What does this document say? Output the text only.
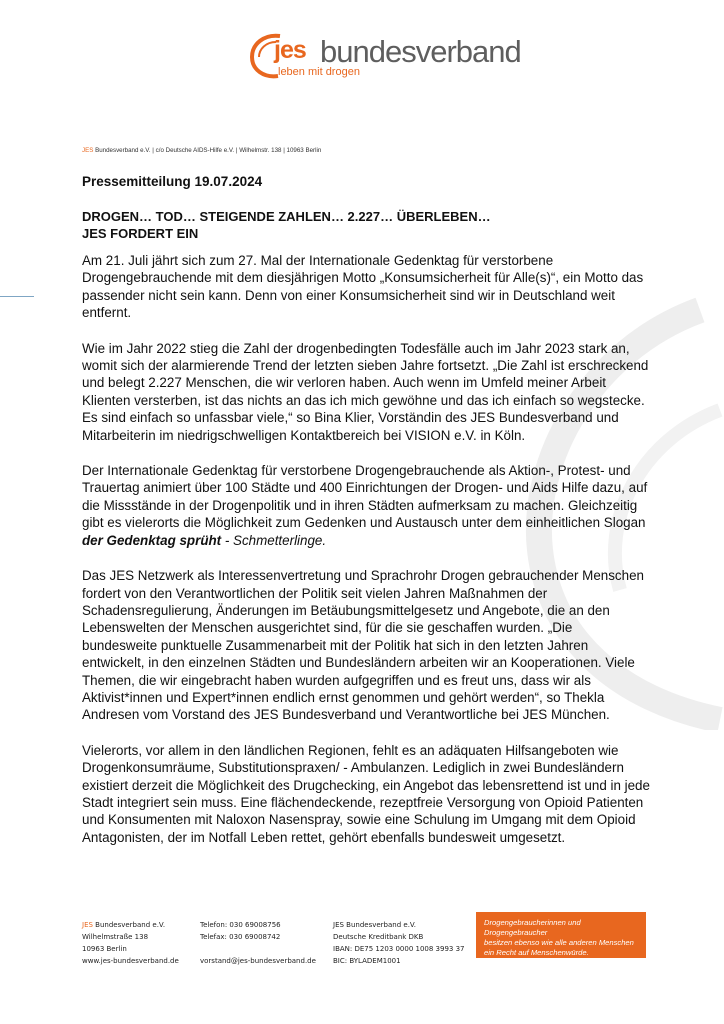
jes bundesverband
leben mit drogen
JES Bundesverband e.V. | c/o Deutsche AIDS-Hilfe e.V. | Wilhelmstr. 138 | 10963 Berlin
Pressemitteilung 19.07.2024
DROGEN… TOD… STEIGENDE ZAHLEN… 2.227… ÜBERLEBEN…
JES FORDERT EIN

Am 21. Juli jährt sich zum 27. Mal der Internationale Gedenktag für verstorbene Drogengebrauchende mit dem diesjährigen Motto „Konsumsicherheit für Alle(s)“, ein Motto das passender nicht sein kann. Denn von einer Konsumsicherheit sind wir in Deutschland weit entfernt.

Wie im Jahr 2022 stieg die Zahl der drogenbedingten Todesfälle auch im Jahr 2023 stark an, womit sich der alarmierende Trend der letzten sieben Jahre fortsetzt. „Die Zahl ist erschreckend und belegt 2.227 Menschen, die wir verloren haben. Auch wenn im Umfeld meiner Arbeit Klienten versterben, ist das nichts an das ich mich gewöhne und das ich einfach so wegstecke. Es sind einfach so unfassbar viele,“ so Bina Klier, Vorständin des JES Bundesverband und Mitarbeiterin im niedrigschwelligen Kontaktbereich bei VISION e.V. in Köln.

Der Internationale Gedenktag für verstorbene Drogengebrauchende als Aktion-, Protest- und Trauertag animiert über 100 Städte und 400 Einrichtungen der Drogen- und Aids Hilfe dazu, auf die Missstände in der Drogenpolitik und in ihren Städten aufmerksam zu machen. Gleichzeitig gibt es vielerorts die Möglichkeit zum Gedenken und Austausch unter dem einheitlichen Slogan der Gedenktag sprüht - Schmetterlinge.

Das JES Netzwerk als Interessenvertretung und Sprachrohr Drogen gebrauchender Menschen fordert von den Verantwortlichen der Politik seit vielen Jahren Maßnahmen der Schadensregulierung, Änderungen im Betäubungsmittelgesetz und Angebote, die an den Lebenswelten der Menschen ausgerichtet sind, für die sie geschaffen wurden. „Die bundesweite punktuelle Zusammenarbeit mit der Politik hat sich in den letzten Jahren entwickelt, in den einzelnen Städten und Bundesländern arbeiten wir an Kooperationen. Viele Themen, die wir eingebracht haben wurden aufgegriffen und es freut uns, dass wir als Aktivist*innen und Expert*innen endlich ernst genommen und gehört werden“, so Thekla Andresen vom Vorstand des JES Bundesverband und Verantwortliche bei JES München.

Vielerorts, vor allem in den ländlichen Regionen, fehlt es an adäquaten Hilfsangeboten wie Drogenkonsumräume, Substitutionspraxen/ - Ambulanzen. Lediglich in zwei Bundesländern existiert derzeit die Möglichkeit des Drugchecking, ein Angebot das lebensrettend ist und in jede Stadt integriert sein muss. Eine flächendeckende, rezeptfreie Versorgung von Opioid Patienten und Konsumenten mit Naloxon Nasenspray, sowie eine Schulung im Umgang mit dem Opioid Antagonisten, der im Notfall Leben rettet, gehört ebenfalls bundesweit umgesetzt.

JES Bundesverband e.V.
Wilhelmstraße 138
10963 Berlin
www.jes-bundesverband.de
Telefon: 030 69008756
Telefax: 030 69008742

vorstand@jes-bundesverband.de
JES Bundesverband e.V.
Deutsche Kreditbank DKB
IBAN: DE75 1203 0000 1008 3993 37
BIC: BYLADEM1001
Drogengebraucherinnen und Drogengebraucher
besitzen ebenso wie alle anderen Menschen
ein Recht auf Menschenwürde.
